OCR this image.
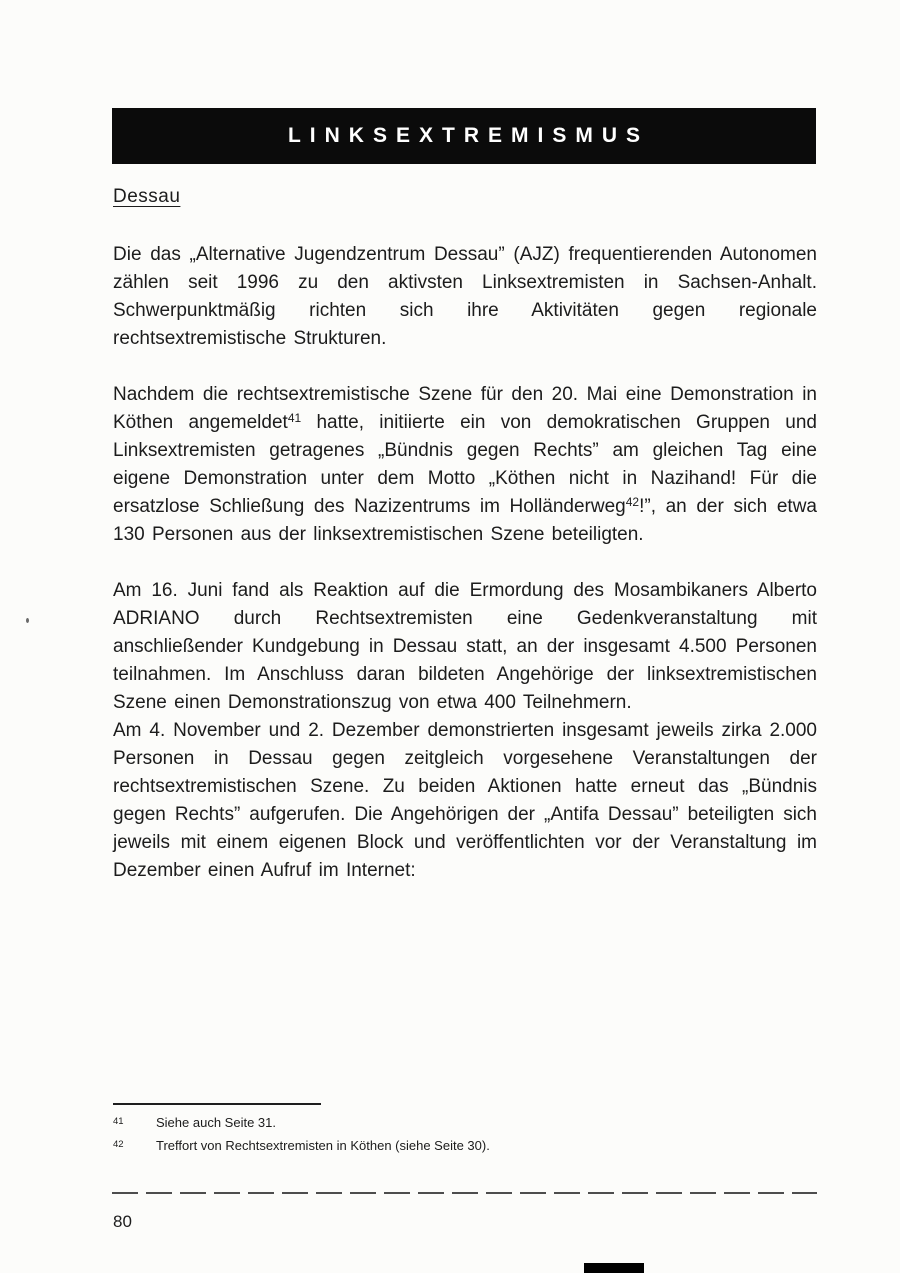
LINKSEXTREMISMUS
Dessau

Die das „Alternative Jugendzentrum Dessau” (AJZ) frequentierenden Autonomen zählen seit 1996 zu den aktivsten Linksextremisten in Sachsen-Anhalt. Schwerpunktmäßig richten sich ihre Aktivitäten gegen regionale rechtsextremistische Strukturen.

Nachdem die rechtsextremistische Szene für den 20. Mai eine Demonstration in Köthen angemeldet$^{41}$ hatte, initiierte ein von demokratischen Gruppen und Linksextremisten getragenes „Bündnis gegen Rechts” am gleichen Tag eine eigene Demonstration unter dem Motto „Köthen nicht in Nazihand! Für die ersatzlose Schließung des Nazizentrums im Holländerweg$^{42}$!”, an der sich etwa 130 Personen aus der linksextremistischen Szene beteiligten.

Am 16. Juni fand als Reaktion auf die Ermordung des Mosambikaners Alberto ADRIANO durch Rechtsextremisten eine Gedenkveranstaltung mit anschließender Kundgebung in Dessau statt, an der insgesamt 4.500 Personen teilnahmen. Im Anschluss daran bildeten Angehörige der linksextremistischen Szene einen Demonstrationszug von etwa 400 Teilnehmern.

Am 4. November und 2. Dezember demonstrierten insgesamt jeweils zirka 2.000 Personen in Dessau gegen zeitgleich vorgesehene Veranstaltungen der rechtsextremistischen Szene. Zu beiden Aktionen hatte erneut das „Bündnis gegen Rechts” aufgerufen. Die Angehörigen der „Antifa Dessau” beteiligten sich jeweils mit einem eigenen Block und veröffentlichten vor der Veranstaltung im Dezember einen Aufruf im Internet:

41	Siehe auch Seite 31.
42	Treffort von Rechtsextremisten in Köthen (siehe Seite 30).
80
